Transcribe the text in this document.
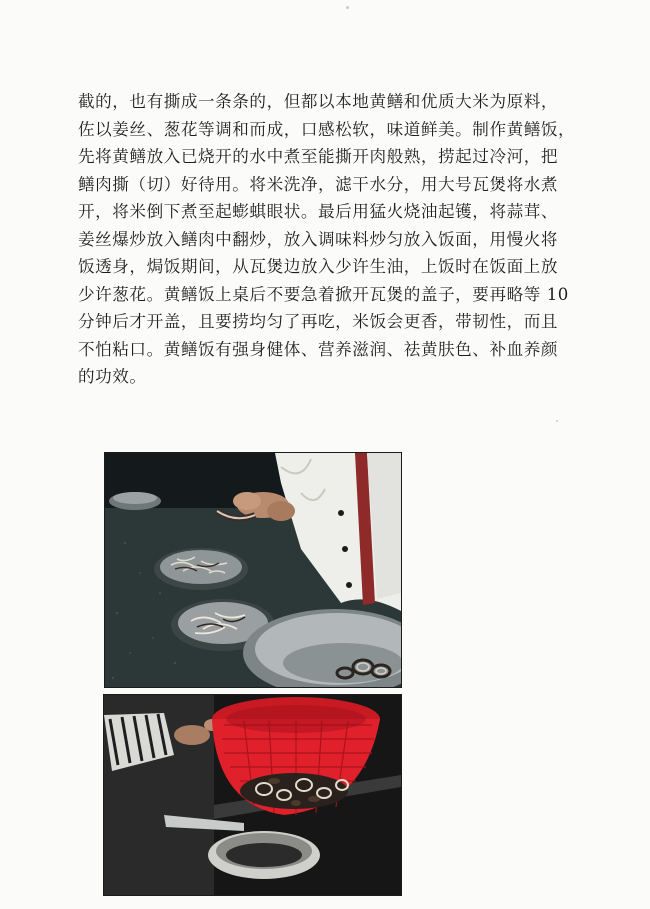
截的，也有撕成一条条的，但都以本地黄鳝和优质大米为原料，
佐以姜丝、葱花等调和而成，口感松软，味道鲜美。制作黄鳝饭，
先将黄鳝放入已烧开的水中煮至能撕开肉般熟，捞起过冷河，把
鳝肉撕（切）好待用。将米洗净，滤干水分，用大号瓦煲将水煮
开，将米倒下煮至起蟛蜞眼状。最后用猛火烧油起镬，将蒜茸、
姜丝爆炒放入鳝肉中翻炒，放入调味料炒匀放入饭面，用慢火将
饭透身，焗饭期间，从瓦煲边放入少许生油，上饭时在饭面上放
少许葱花。黄鳝饭上桌后不要急着掀开瓦煲的盖子，要再略等 10
分钟后才开盖，且要捞均匀了再吃，米饭会更香，带韧性，而且
不怕粘口。黄鳝饭有强身健体、营养滋润、祛黄肤色、补血养颜
的功效。
